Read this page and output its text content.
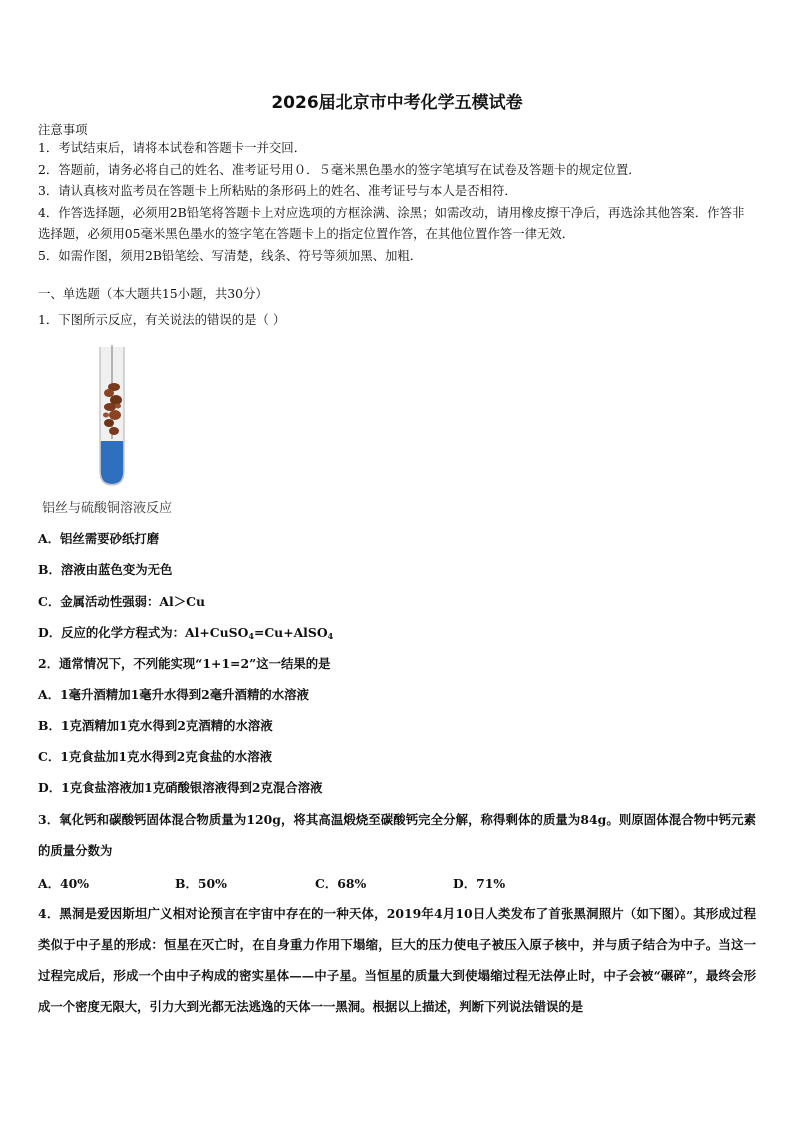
2026届北京市中考化学五模试卷
注意事项
1．考试结束后，请将本试卷和答题卡一并交回．
2．答题前，请务必将自己的姓名、准考证号用０．５毫米黑色墨水的签字笔填写在试卷及答题卡的规定位置．
3．请认真核对监考员在答题卡上所粘贴的条形码上的姓名、准考证号与本人是否相符．
4．作答选择题，必须用2B铅笔将答题卡上对应选项的方框涂满、涂黑；如需改动，请用橡皮擦干净后，再选涂其他答案．作答非选择题，必须用05毫米黑色墨水的签字笔在答题卡上的指定位置作答，在其他位置作答一律无效．
5．如需作图，须用2B铅笔绘、写清楚，线条、符号等须加黑、加粗．
一、单选题（本大题共15小题，共30分）
1．下图所示反应，有关说法的错误的是（ ）
铝丝与硫酸铜溶液反应
A．铝丝需要砂纸打磨
B．溶液由蓝色变为无色
C．金属活动性强弱：Al＞Cu
D．反应的化学方程式为：Al+CuSO$_4$=Cu+AlSO$_4$
2．通常情况下，不列能实现“1+1=2”这一结果的是
A．1毫升酒精加1毫升水得到2毫升酒精的水溶液
B．1克酒精加1克水得到2克酒精的水溶液
C．1克食盐加1克水得到2克食盐的水溶液
D．1克食盐溶液加1克硝酸银溶液得到2克混合溶液
3．氧化钙和碳酸钙固体混合物质量为120g，将其高温煅烧至碳酸钙完全分解，称得剩体的质量为84g。则原固体混合物中钙元素的质量分数为
A．40%	B．50%	C．68%	D．71%
4．黑洞是爱因斯坦广义相对论预言在宇宙中存在的一种天体，2019年4月10日人类发布了首张黑洞照片（如下图）。其形成过程类似于中子星的形成：恒星在灭亡时，在自身重力作用下塌缩，巨大的压力使电子被压入原子核中，并与质子结合为中子。当这一过程完成后，形成一个由中子构成的密实星体——中子星。当恒星的质量大到使塌缩过程无法停止时，中子会被“碾碎”，最终会形成一个密度无限大，引力大到光都无法逃逸的天体一一黑洞。根据以上描述，判断下列说法错误的是
